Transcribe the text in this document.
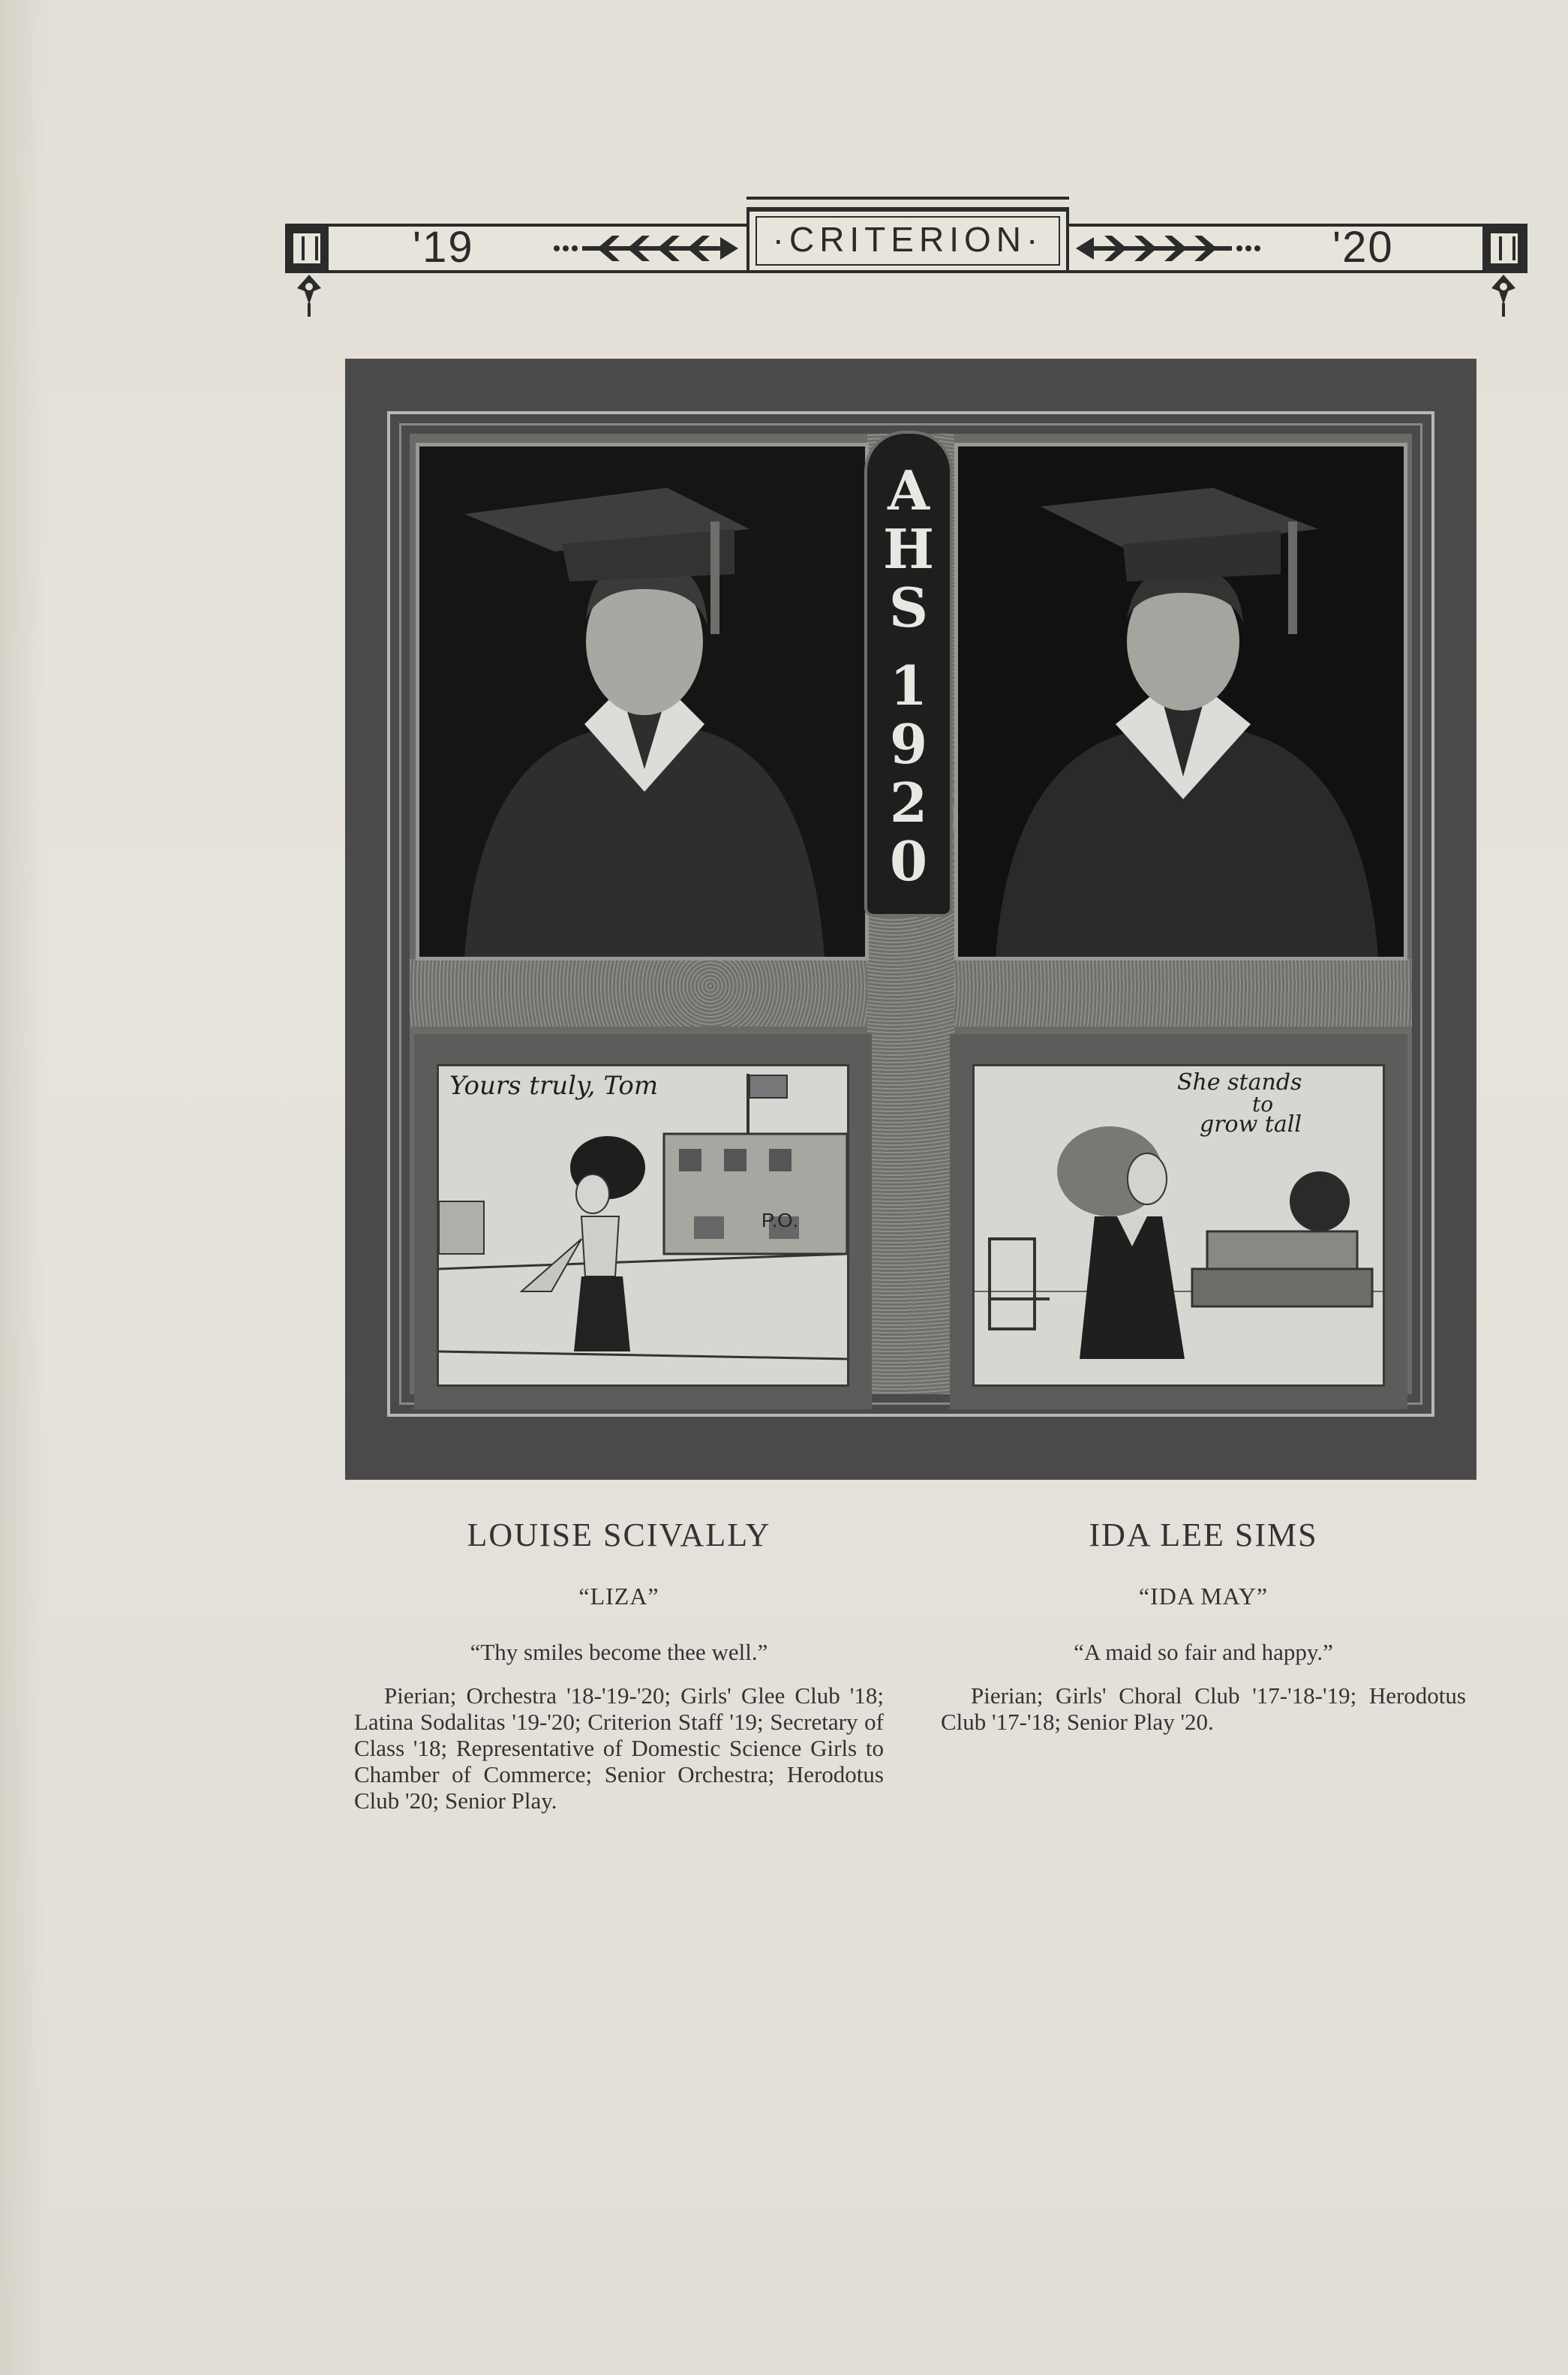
'19	'20
·CRITERION·
A
H
S
1
9
2
0
Yours truly, Tom
P.O.
She stands
to
grow tall
LOUISE SCIVALLY
“LIZA”
“Thy smiles become thee well.”
Pierian; Orchestra '18-'19-'20; Girls' Glee Club '18; Latina Sodalitas '19-'20; Criterion Staff '19; Secretary of Class '18; Representative of Domestic Science Girls to Chamber of Commerce; Senior Orchestra; Herodotus Club '20; Senior Play.
IDA LEE SIMS
“IDA MAY”
“A maid so fair and happy.”
Pierian; Girls' Choral Club '17-'18-'19; Herodotus Club '17-'18; Senior Play '20.
